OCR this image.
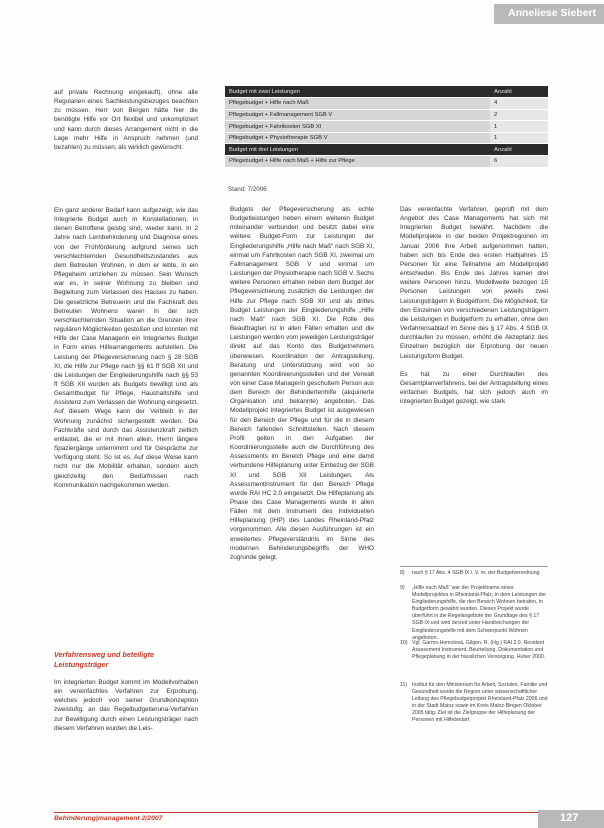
Anneliese Siebert

auf private Rechnung eingekauft), ohne alle Regularien eines Sachleistungsbezuges beachten zu müssen. Herr von Bergen hätte hier die benötigte Hilfe vor Ort flexibel und unkompliziert und kann durch dieses Arrangement nicht in die Lage mehr Hilfe in Anspruch nehmen (und bezahlen) zu müssen, als wirklich gewünscht.

Ein ganz anderer Bedarf kann aufgezeigt, wie das Integrierte Budget auch in Konstellationen, in denen Betroffene geistig sind, wieder kann. In 2 Jahre nach Lernbehinderung und Diagnose eines von der Frühförderung aufgrund seines sich verschlechternden Gesundheitszustandes aus dem Betreuten Wohnen, in dem er lebte, in ein Pflegeheim umziehen zu müssen. Sein Wunsch war es, in seiner Wohnung zu bleiben und Begleitung zum Verlassen des Hauses zu haben. Die gesetzliche Betreuerin und die Fachkraft des Betreuten Wohnens waren in der sich verschlechternden Situation an die Grenzen ihrer regulären Möglichkeiten gestoßen und konnten mit Hilfe der Case Managerin ein Integriertes Budget in Form eines Hilfearrangements aufstellen. Die Leistung der Pflegeversicherung nach § 28 SGB XI, die Hilfe zur Pflege nach §§ 61 ff SGB XII und die Leistungen der Eingliederungshilfe nach §§ 53 ff SGB XII wurden als Budgets bewilligt und als Gesamtbudget für Pflege, Haushaltshilfe und Assistenz zum Verlassen der Wohnung eingesetzt. Auf diesem Wege kann der Verbleib in der Wohnung zunächst sichergestellt werden. Die Fachkräfte sind durch das Assistenzkraft zeitlich entlastet, die er mit ihnen allein. Herrn längere Spaziergänge unternimmt und für Gespräche zur Verfügung steht. So ist es. Auf diese Weise kann nicht nur die Mobilität erhalten, sondern auch gleichzeitig den Bedürfnissen nach Kommunikation nachgekommen werden.

Verfahrensweg und beteiligte Leistungsträger

Im integrierten Budget kommt im Modellvorhaben ein vereinfachtes Verfahren zur Erprobung, welches jedoch von seiner Grundkonzeption zweistufig, an das Regelbudgetieruna-Verfahren zur Bewilligung durch einen Leistungsträger nach diesem Verfahren wurden die Leis-

Budget mit zwei Leistungen	Anzahl
Pflegebudget + Hilfe nach Maß	4
Pflegebudget + Fallmanagement SGB V	2
Pflegebudget + Fahrtkosten SGB XI	1
Pflegebudget + Physiotherapie SGB V	1
Budget mit drei Leistungen	Anzahl
Pflegebudget + Hilfe nach Maß + Hilfe zur Pflege	6
Stand: 7/2006

Budgets der Pflegeversicherung als echte Budgetleistungen neben einem weiteren Budget miteinander verbunden und besitzt dabei eine weitere Budget-Form zur Leistungen der Eingliederungshilfe „Hilfe nach Maß“ nach SGB XI, einmal um Fahrtkosten nach SGB XI, zweimal um Fallmanagement SGB V und einmal um Leistungen der Physiotherapie nach SGB V. Sechs weitere Personen erhalten neben dem Budget der Pflegeversicherung zusätzlich die Leistungen der Hilfe zur Pflege nach SGB XII und als drittes Budget Leistungen der Eingliederungshilfe „Hilfe nach Maß“ nach SGB XI. Die Rolle des Beauftragten ist in allen Fällen erhalten und die Leistungen werden vom jeweiligen Leistungsträger direkt auf das Konto des Budgetnehmers überwiesen. Koordination der Antragstellung, Beratung und Unterstützung wird von so genannten Koordinierungsstellen und der Verwalt von einer Case Managerin geschultem Person aus dem Bereich der Behindertenhilfe (akquirierte Organisation und bekannte) angeboten. Das Modellprojekt Integriertes Budget ist ausgewiesen für den Bereich der Pflege und für die in diesem Bereich fallenden Schnittstellen. Nach diesem Profil gelten in den Aufgaben der Koordinierungsstelle auch die Durchführung des Assessments im Bereich Pflege und eine damit verbundene Hilfeplanung unter Einbezug der SGB XI und SGB XII Leistungen. Als Assessmentinstrument für den Bereich Pflege wurde RAI HC 2.0 eingesetzt. Die Hilfeplanung als Phase des Case Managements wurde in allen Fällen mit dem Instrument des Individuellen Hilfeplanung (IHP) des Landes Rheinland-Pfalz vorgenommen. Alle diesen Ausführungen ist ein erweitertes Pflegeverständnis im Sinne des modernen Behinderungsbegriffs der WHO zugrunde gelegt.

Das vereinfachte Verfahren, geprüft mit dem Angebot des Case Managements hat sich mit Integrierten Budget bewährt. Nachdem die Modellprojekte in der beiden Projektregionen im Januar 2006 ihre Arbeit aufgenommen hatten, haben sich bis Ende des ersten Halbjahres 15 Personen für eine Teilnahme am Modellprojekt entschieden. Bis Ende des Jahres kamen drei weitere Personen hinzu. Modellweite bezogen 15 Personen Leistungen von jeweils zwei Leistungsträgern in Budgetform. Die Möglichkeit, für den Einzelnen von verschiedenen Leistungsträgern die Leistungen in Budgetform zu erhalten, ohne den Verfahrensablauf im Sinne des § 17 Abs. 4 SGB IX durchlaufen zu müssen, erhöht die Akzeptanz des Einzelnen bezüglich der Erprobung der neuen Leistungsform Budget.

Es hat zu einer Durchlaufen des Gesamtplanverfahrens, bei der Antragstellung eines einfachen Budgets, hat sich jedoch auch im integrierten Budget gezeigt, wie stark

8)	nach § 17 Abs. 4 SGB IX i. V. m. der Budgetverordnung
9)	„Hilfe nach Maß“ war der Projektname eines Modellprojektes in Rheinland-Pfalz, in dem Leistungen der Eingliederungshilfe, die den Bereich Wohnen betrafen, in Budgetform gewährt wurden. Dieses Projekt wurde überführt in die Regelangebote der Grundlage des § 17 SGB IX und wird derzeit unter Handreichungen der Eingliederungshilfe mit dem Schwerpunkt Wohnen angeboten.
10) Vgl. Garms-Homolová, Gilgen, R. (Hg.) RAI 2.0. Resident Assessment Instrument. Beurteilung, Dokumentation und Pflegeplanung in der häuslichen Versorgung. Huber 2000.
11) Institut für den Ministerium für Arbeit, Soziales, Familie und Gesundheit wurde die Region unter wissenschaftlicher Leitung des Pflegebudgetprojekt Rheinland-Pfalz 2006 und in der Stadt Mainz sowie im Kreis Mainz-Bingen Oktober 2005 tätig. Ziel ist die Zielgruppe der Hilfeplanung der Personen mit Hilfebedarf.
Behinderung|management 2/2007	127
